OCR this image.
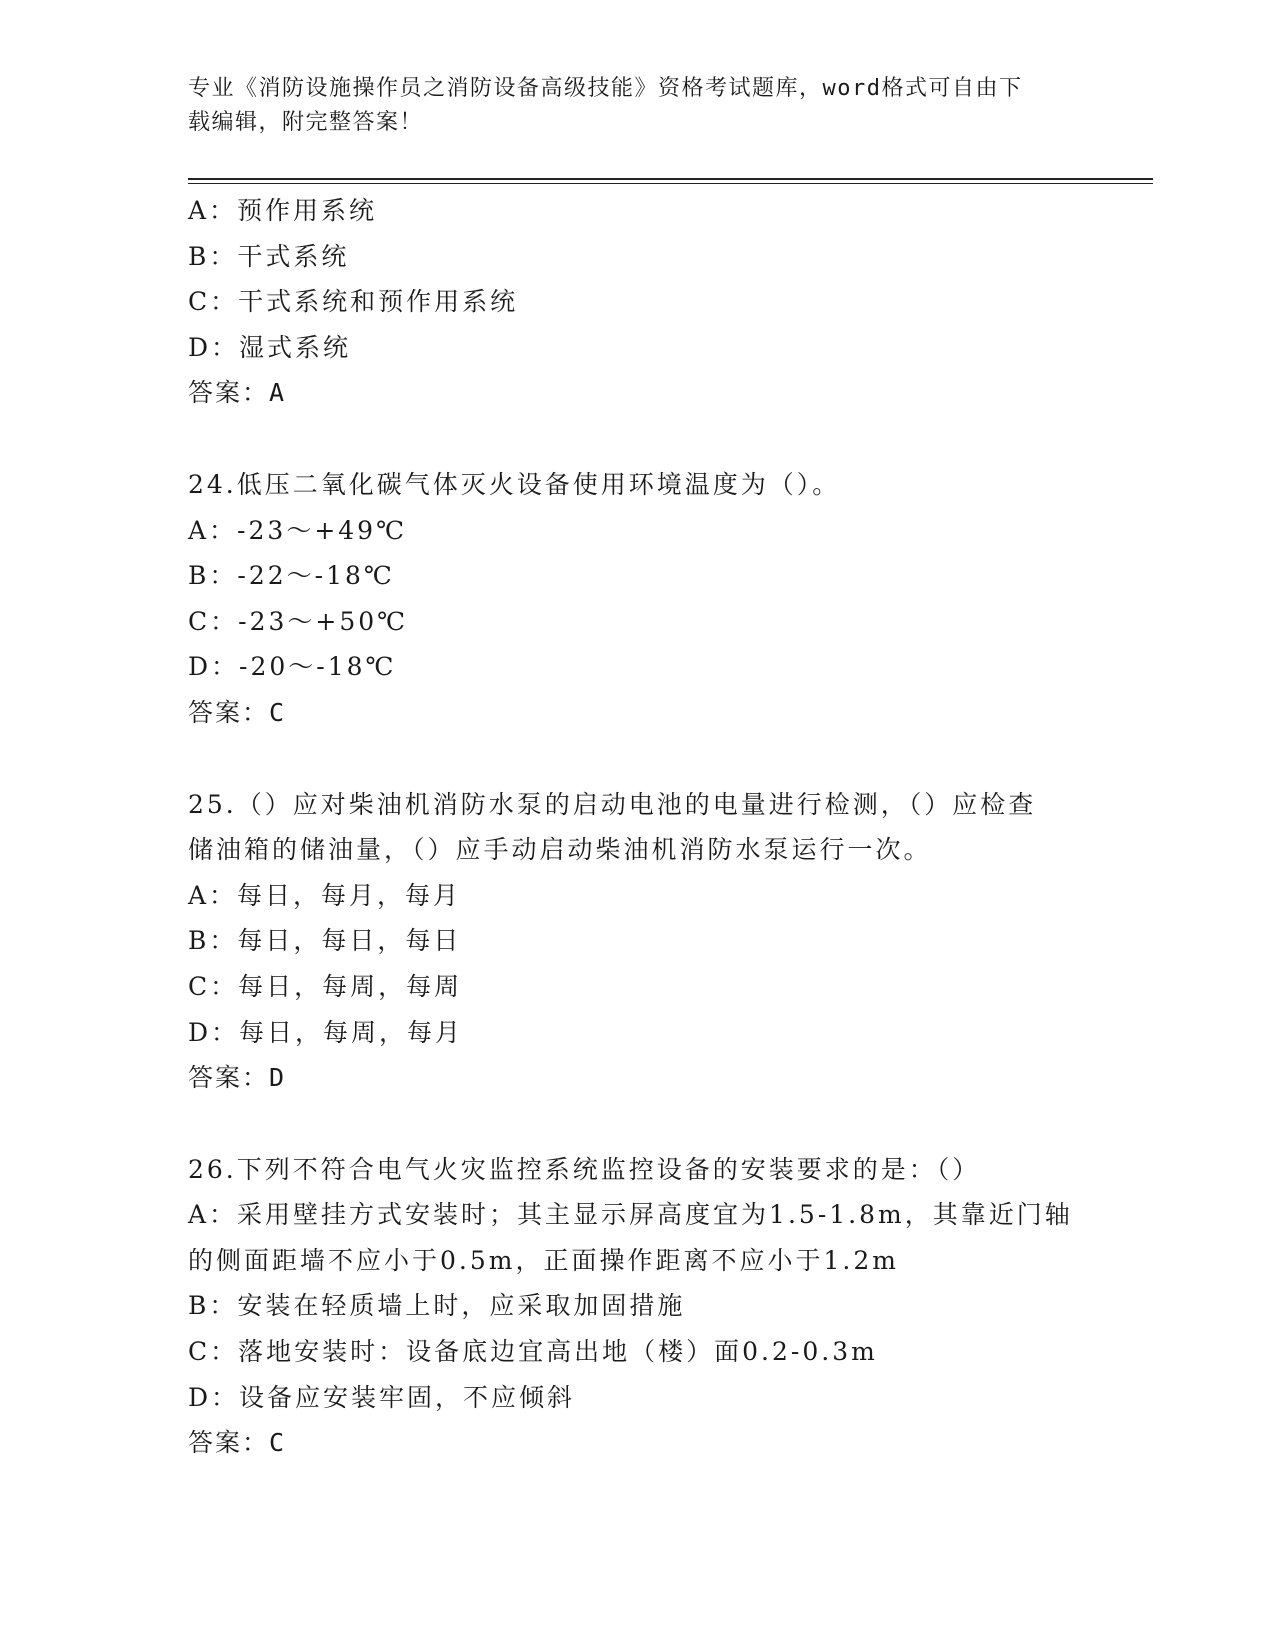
专业《消防设施操作员之消防设备高级技能》资格考试题库，word格式可自由下
载编辑，附完整答案！
A：预作用系统
B：干式系统
C：干式系统和预作用系统
D：湿式系统
答案：A
24.低压二氧化碳气体灭火设备使用环境温度为（）。
A：-23～+49℃
B：-22～-18℃
C：-23～+50℃
D：-20～-18℃
答案：C
25.（）应对柴油机消防水泵的启动电池的电量进行检测，（）应检查
储油箱的储油量，（）应手动启动柴油机消防水泵运行一次。
A：每日，每月，每月
B：每日，每日，每日
C：每日，每周，每周
D：每日，每周，每月
答案：D
26.下列不符合电气火灾监控系统监控设备的安装要求的是：（）
A：采用壁挂方式安装时；其主显示屏高度宜为1.5-1.8m，其靠近门轴
的侧面距墙不应小于0.5m，正面操作距离不应小于1.2m
B：安装在轻质墙上时，应采取加固措施
C：落地安装时：设备底边宜高出地（楼）面0.2-0.3m
D：设备应安装牢固，不应倾斜
答案：C
